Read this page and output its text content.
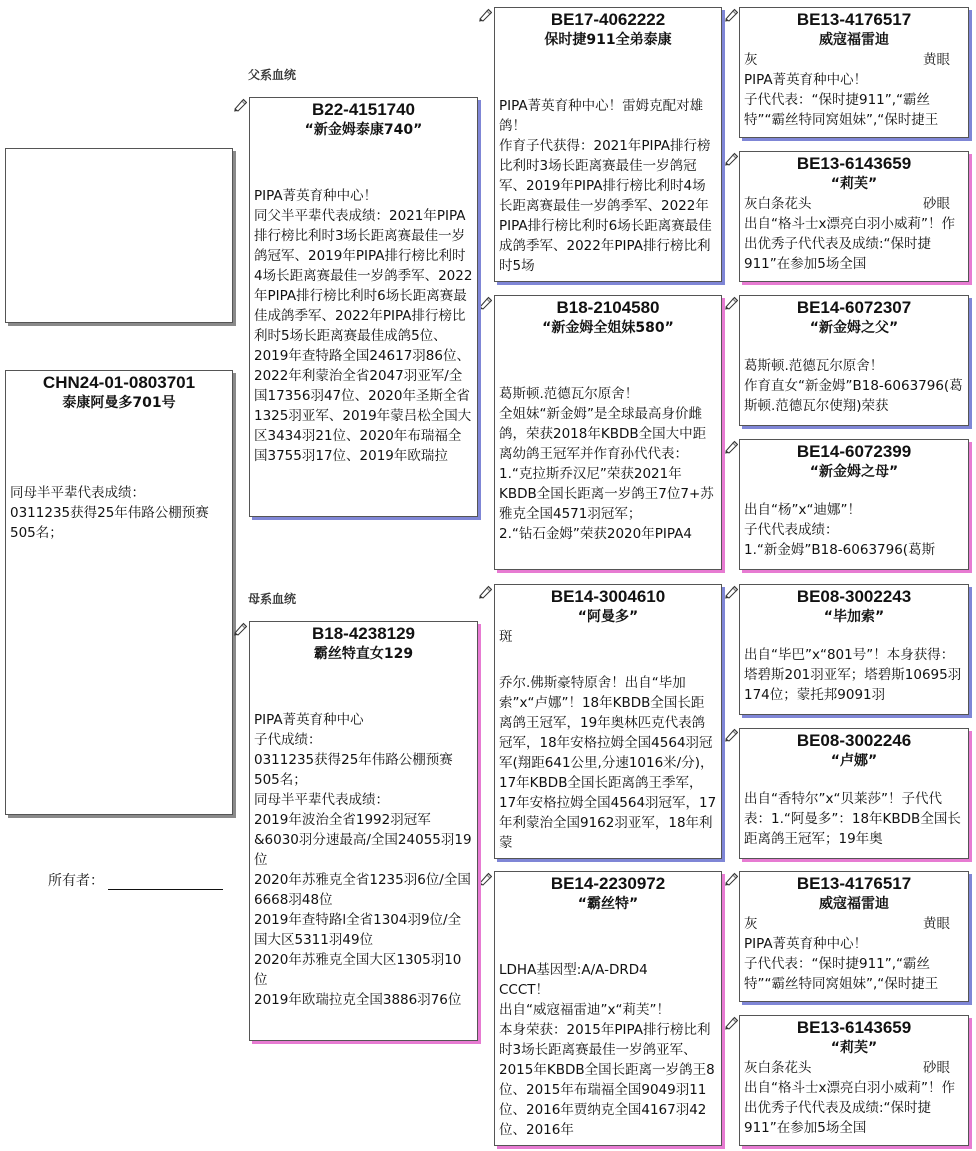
CHN24-01-0803701
泰康阿曼多701号
同母半平辈代表成绩：
0311235获得25年伟路公棚预赛505名；
所有者：
父系血统
母系血统
B22-4151740
“新金姆泰康740”
PIPA菁英育种中心！
同父半平辈代表成绩：2021年PIPA排行榜比利时3场长距离赛最佳一岁鸽冠军、2019年PIPA排行榜比利时4场长距离赛最佳一岁鸽季军、2022年PIPA排行榜比利时6场长距离赛最佳成鸽季军、2022年PIPA排行榜比利时5场长距离赛最佳成鸽5位、2019年查特路全国24617羽86位、2022年利蒙治全省2047羽亚军/全国17356羽47位、2020年圣斯全省1325羽亚军、2019年蒙吕松全国大区3434羽21位、2020年布瑞福全国3755羽17位、2019年欧瑞拉
B18-4238129
霸丝特直女129
PIPA菁英育种中心
子代成绩：
0311235获得25年伟路公棚预赛505名；
同母半平辈代表成绩：
2019年波治全省1992羽冠军&6030羽分速最高/全国24055羽19位
2020年苏雅克全省1235羽6位/全国6668羽48位
2019年查特路l全省1304羽9位/全国大区5311羽49位
2020年苏雅克全国大区1305羽10位
2019年欧瑞拉克全国3886羽76位
BE17-4062222
保时捷911全弟泰康
PIPA菁英育种中心！雷姆克配对雄鸽！
作育子代获得：2021年PIPA排行榜比利时3场长距离赛最佳一岁鸽冠军、2019年PIPA排行榜比利时4场长距离赛最佳一岁鸽季军、2022年PIPA排行榜比利时6场长距离赛最佳成鸽季军、2022年PIPA排行榜比利时5场
B18-2104580
“新金姆全姐妹580”
葛斯顿.范德瓦尔原舍！
全姐妹“新金姆”是全球最高身价雌鸽，荣获2018年KBDB全国大中距离幼鸽王冠军并作育孙代代表：
1.“克拉斯乔汉尼”荣获2021年KBDB全国长距离一岁鸽王7位7+苏雅克全国4571羽冠军；
2.“钻石金姆”荣获2020年PIPA4
BE14-3004610
“阿曼多”
斑
乔尔.佛斯豪特原舍！出自“毕加索”x“卢娜”！18年KBDB全国长距离鸽王冠军，19年奥林匹克代表鸽冠军，18年安格拉姆全国4564羽冠军(翔距641公里,分速1016米/分)，17年KBDB全国长距离鸽王季军，17年安格拉姆全国4564羽冠军，17年利蒙治全国9162羽亚军，18年利蒙
BE14-2230972
“霸丝特”
LDHA基因型:A/A-DRD4
CCCT！
出自“威寇福雷迪”x“莉芙”！
本身荣获：2015年PIPA排行榜比利时3场长距离赛最佳一岁鸽亚军、2015年KBDB全国长距离一岁鸽王8位、2015年布瑞福全国9049羽11位、2016年贾纳克全国4167羽42位、2016年
BE13-4176517
威寇福雷迪
灰	黄眼
PIPA菁英育种中心！
子代代表：“保时捷911”,“霸丝特”“霸丝特同窝姐妹”,“保时捷王
BE13-6143659
“莉芙”
灰白条花头	砂眼
出自“格斗士x漂亮白羽小威莉”！作出优秀子代代表及成绩:“保时捷911”在参加5场全国
BE14-6072307
“新金姆之父”
葛斯顿.范德瓦尔原舍！
作育直女“新金姆”B18-6063796(葛斯顿.范德瓦尔使翔)荣获
BE14-6072399
“新金姆之母”
出自“杨”x“迪娜”！
子代代表成绩：
1.“新金姆”B18-6063796(葛斯
BE08-3002243
“毕加索”
出自“毕巴”x“801号”！本身获得：塔碧斯201羽亚军；塔碧斯10695羽174位；蒙托邦9091羽
BE08-3002246
“卢娜”
出自“香特尔”x“贝莱莎”！子代代表：1.“阿曼多”：18年KBDB全国长距离鸽王冠军；19年奥
BE13-4176517
威寇福雷迪
灰	黄眼
PIPA菁英育种中心！
子代代表：“保时捷911”,“霸丝特”“霸丝特同窝姐妹”,“保时捷王
BE13-6143659
“莉芙”
灰白条花头	砂眼
出自“格斗士x漂亮白羽小威莉”！作出优秀子代代表及成绩:“保时捷911”在参加5场全国
